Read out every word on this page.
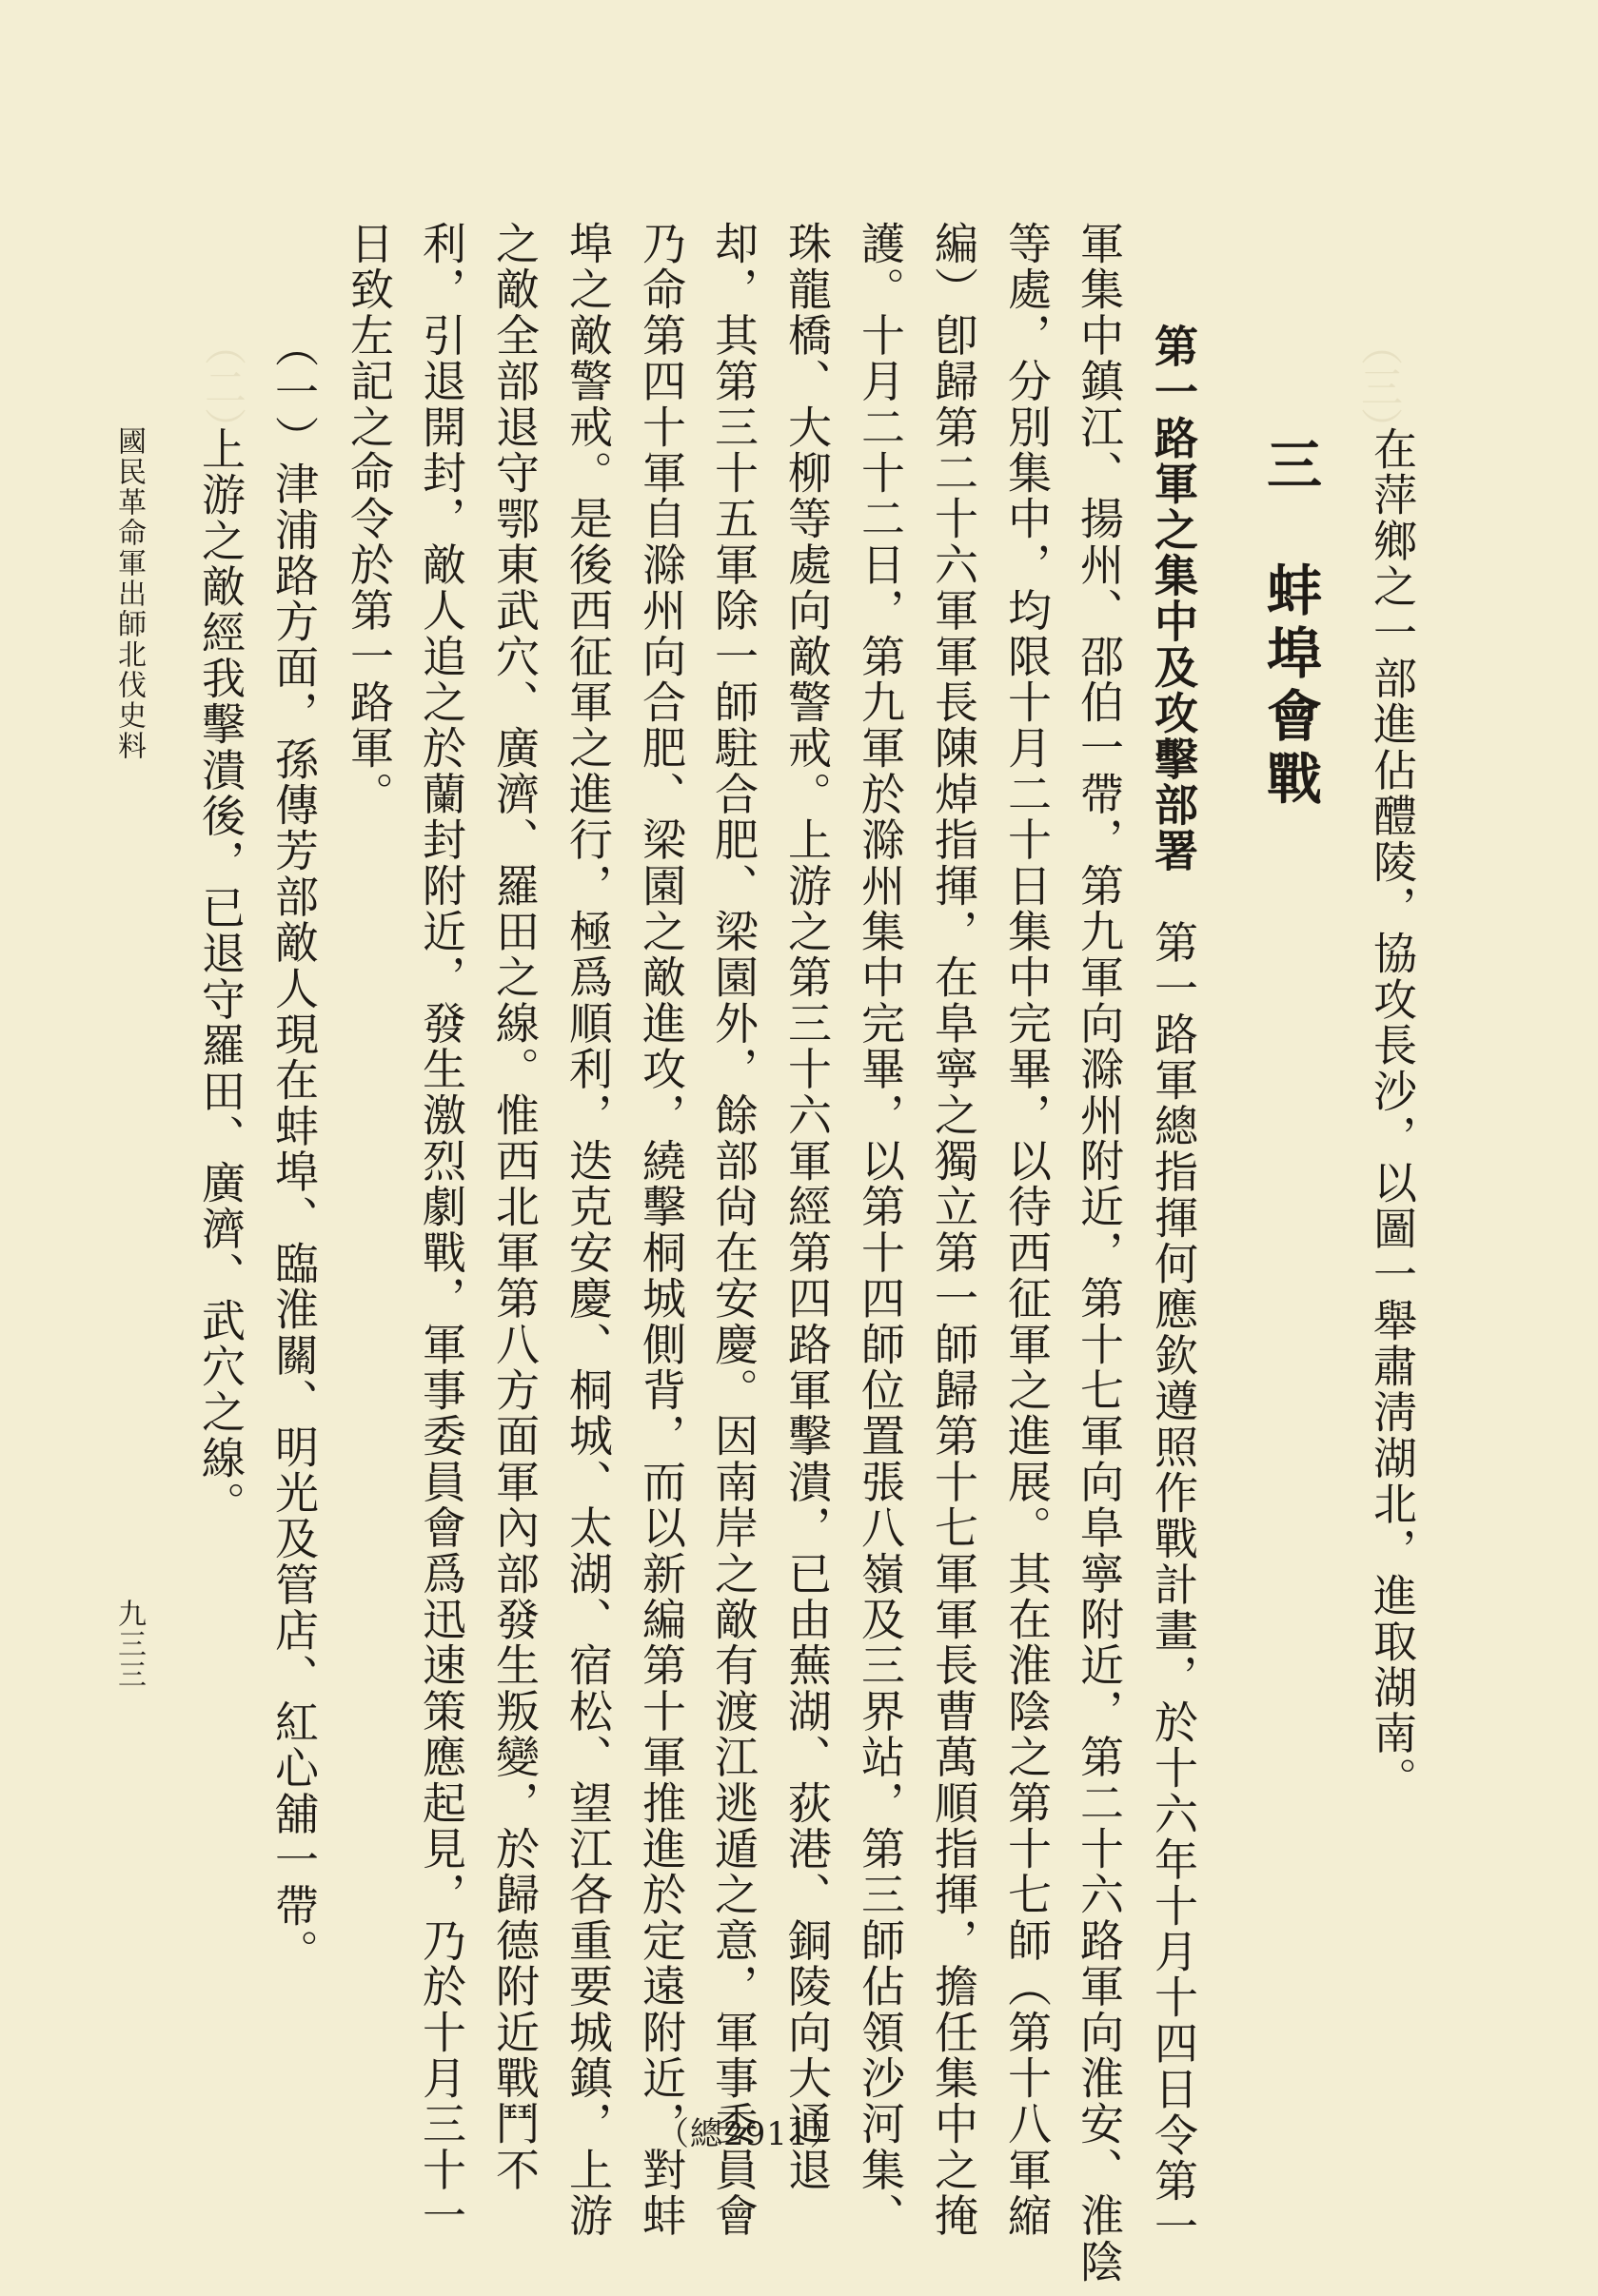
（三）
（二）
在萍鄉之一部進佔醴陵，協攻長沙，以圖一舉肅淸湖北，進取湖南。
三　蚌埠會戰
第一路軍之集中及攻擊部署　第一路軍總指揮何應欽遵照作戰計畫，於十六年十月十四日令第一
軍集中鎮江、揚州、邵伯一帶，第九軍向滁州附近，第十七軍向阜寧附近，第二十六路軍向淮安、淮陰
等處，分別集中，均限十月二十日集中完畢，以待西征軍之進展。其在淮陰之第十七師（第十八軍縮
編）卽歸第二十六軍軍長陳焯指揮，在阜寧之獨立第一師歸第十七軍軍長曹萬順指揮，擔任集中之掩
護。十月二十二日，第九軍於滁州集中完畢，以第十四師位置張八嶺及三界站，第三師佔領沙河集、
珠龍橋、大柳等處向敵警戒。上游之第三十六軍經第四路軍擊潰，已由蕪湖、荻港、銅陵向大通退
却，其第三十五軍除一師駐合肥、梁園外，餘部尙在安慶。因南岸之敵有渡江逃遁之意，軍事委員會
乃命第四十軍自滁州向合肥、梁園之敵進攻，繞擊桐城側背，而以新編第十軍推進於定遠附近，對蚌
埠之敵警戒。是後西征軍之進行，極爲順利，迭克安慶、桐城、太湖、宿松、望江各重要城鎮，上游
之敵全部退守鄂東武穴、廣濟、羅田之線。惟西北軍第八方面軍內部發生叛變，於歸德附近戰鬥不
利，引退開封，敵人追之於蘭封附近，發生激烈劇戰，軍事委員會爲迅速策應起見，乃於十月三十一
日致左記之命令於第一路軍。
（一）津浦路方面，孫傳芳部敵人現在蚌埠、臨淮關、明光及管店、紅心舖一帶。
上游之敵經我擊潰後，已退守羅田、廣濟、武穴之線。
國民革命軍出師北伐史料
九三三
（總2911）
